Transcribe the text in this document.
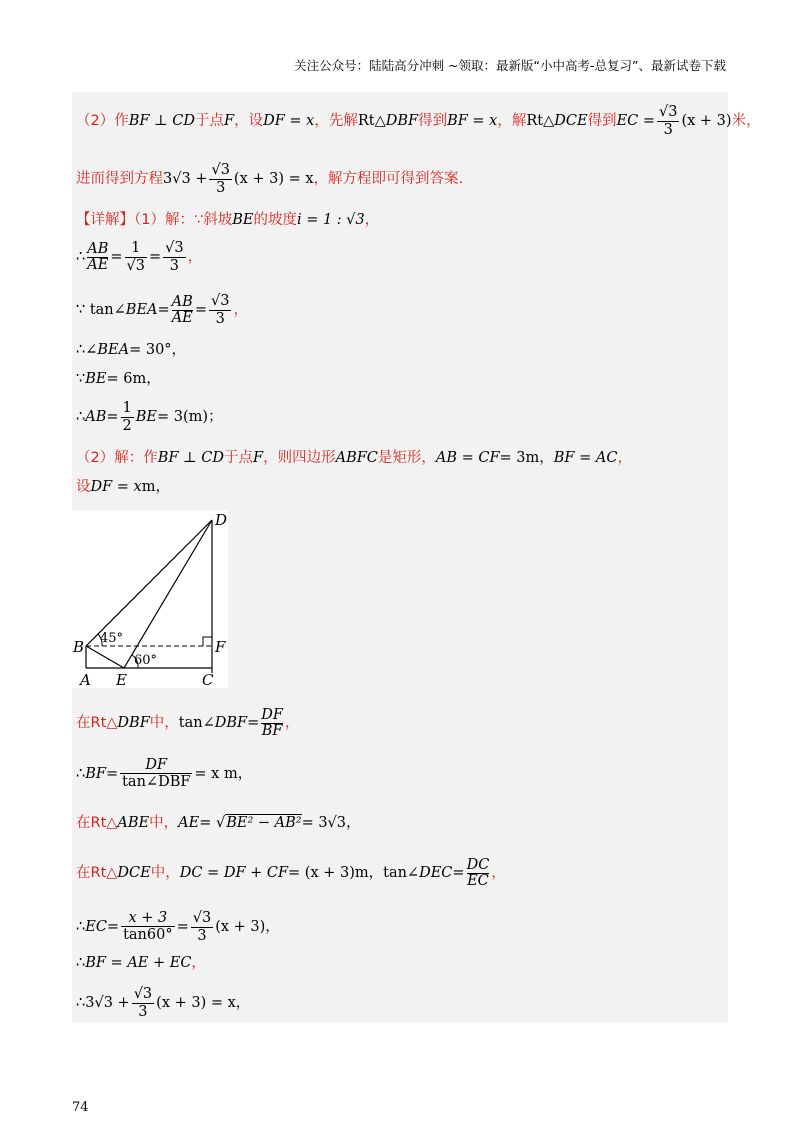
关注公众号：陆陆高分冲刺 ~领取：最新版“小中高考-总复习”、最新试卷下载
（2）作BF ⊥ CD于点F，设DF = x，先解Rt△DBF得到BF = x，解Rt△DCE得到EC = $\frac{√3}{3} (x + 3)$米，
进而得到方程$3√3 + \frac{√3}{3} (x + 3) = x$，解方程即可得到答案.
【详解】（1）解：∵斜坡BE的坡度i = 1 : √3，
∴ $\frac{AB}{AE} = \frac{1}{√3} = \frac{√3}{3}$ ，
∵ tan∠BEA= $\frac{AB}{AE} = \frac{√3}{3}$ ，
∴∠BEA= 30°，
∵BE= 6m，
∴AB= $\frac{1}{2} BE= 3(m)$；
（2）解：作BF ⊥ CD于点F，则四边形ABFC是矩形，AB = CF= 3m，BF = AC，
设DF = xm，
D
B	F
A E	C
45°
60°
在Rt△DBF中，tan∠DBF= $\frac{DF}{BF}$ ，
∴BF= $\frac{DF}{\text{tan∠DBF}} = x$ m，
在Rt△ABE中，AE= √BE² − AB²= 3√3，
在Rt△DCE中，DC = DF + CF= (x + 3)m，tan∠DEC= $\frac{DC}{EC}$ ，
∴EC= $\frac{x + 3}{\tan 60^\circ} = \frac{√3}{3} (x + 3)$，
∴BF = AE + EC，
∴3√3 + $\frac{√3}{3} (x + 3) = x$，
74
